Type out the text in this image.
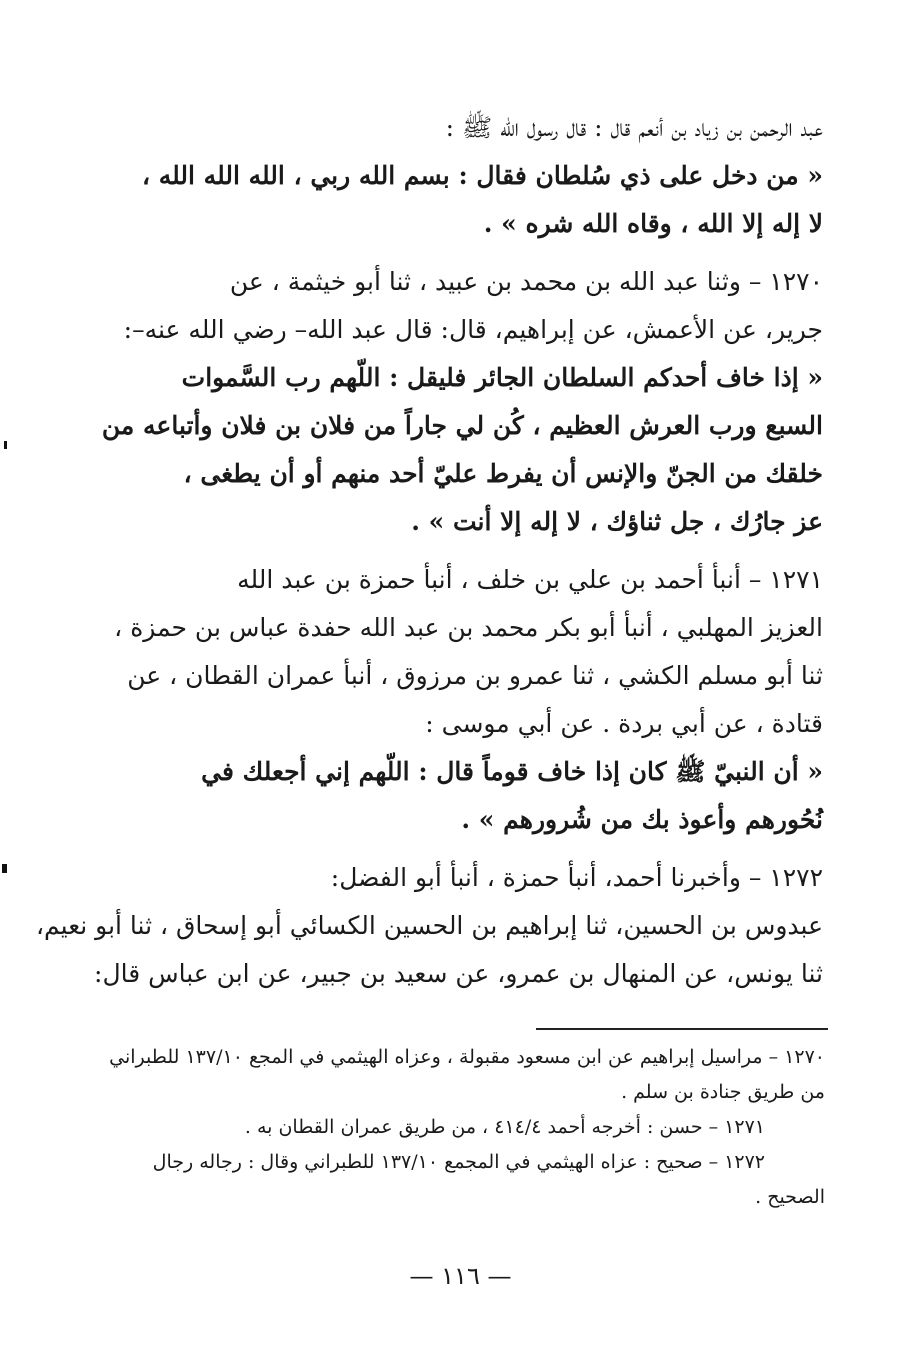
عبد الرحمن بن زياد بن أنعم قال : قال رسول الله ﷺ :
« من دخل على ذي سُلطان فقال : بسم الله ربي ، الله الله الله ،
لا إله إلا الله ، وقاه الله شره » .
١٢٧٠ – وثنا عبد الله بن محمد بن عبيد ، ثنا أبو خيثمة ، عن
جرير، عن الأعمش، عن إبراهيم، قال: قال عبد الله– رضي الله عنه–:
« إذا خاف أحدكم السلطان الجائر فليقل : اللّهم رب السَّموات
السبع ورب العرش العظيم ، كُن لي جاراً من فلان بن فلان وأتباعه من
خلقك من الجنّ والإنس أن يفرط عليّ أحد منهم أو أن يطغى ،
عز جارُك ، جل ثناؤك ، لا إله إلا أنت » .
١٢٧١ – أنبأ أحمد بن علي بن خلف ، أنبأ حمزة بن عبد الله
العزيز المهلبي ، أنبأ أبو بكر محمد بن عبد الله حفدة عباس بن حمزة ،
ثنا أبو مسلم الكشي ، ثنا عمرو بن مرزوق ، أنبأ عمران القطان ، عن
قتادة ، عن أبي بردة . عن أبي موسى :
« أن النبيّ ﷺ كان إذا خاف قوماً قال : اللّهم إني أجعلك في
نُحُورهم وأعوذ بك من شُرورهم » .
١٢٧٢ – وأخبرنا أحمد، أنبأ حمزة ، أنبأ أبو الفضل:
عبدوس بن الحسين، ثنا إبراهيم بن الحسين الكسائي أبو إسحاق ، ثنا أبو نعيم،
ثنا يونس، عن المنهال بن عمرو، عن سعيد بن جبير، عن ابن عباس قال:
١٢٧٠ – مراسيل إبراهيم عن ابن مسعود مقبولة ، وعزاه الهيثمي في المجع ١٣٧/١٠ للطبراني
من طريق جنادة بن سلم .
١٢٧١ – حسن : أخرجه أحمد ٤١٤/٤ ، من طريق عمران القطان به .
١٢٧٢ – صحيح : عزاه الهيثمي في المجمع ١٣٧/١٠ للطبراني وقال : رجاله رجال
الصحيح .
— ١١٦ —
